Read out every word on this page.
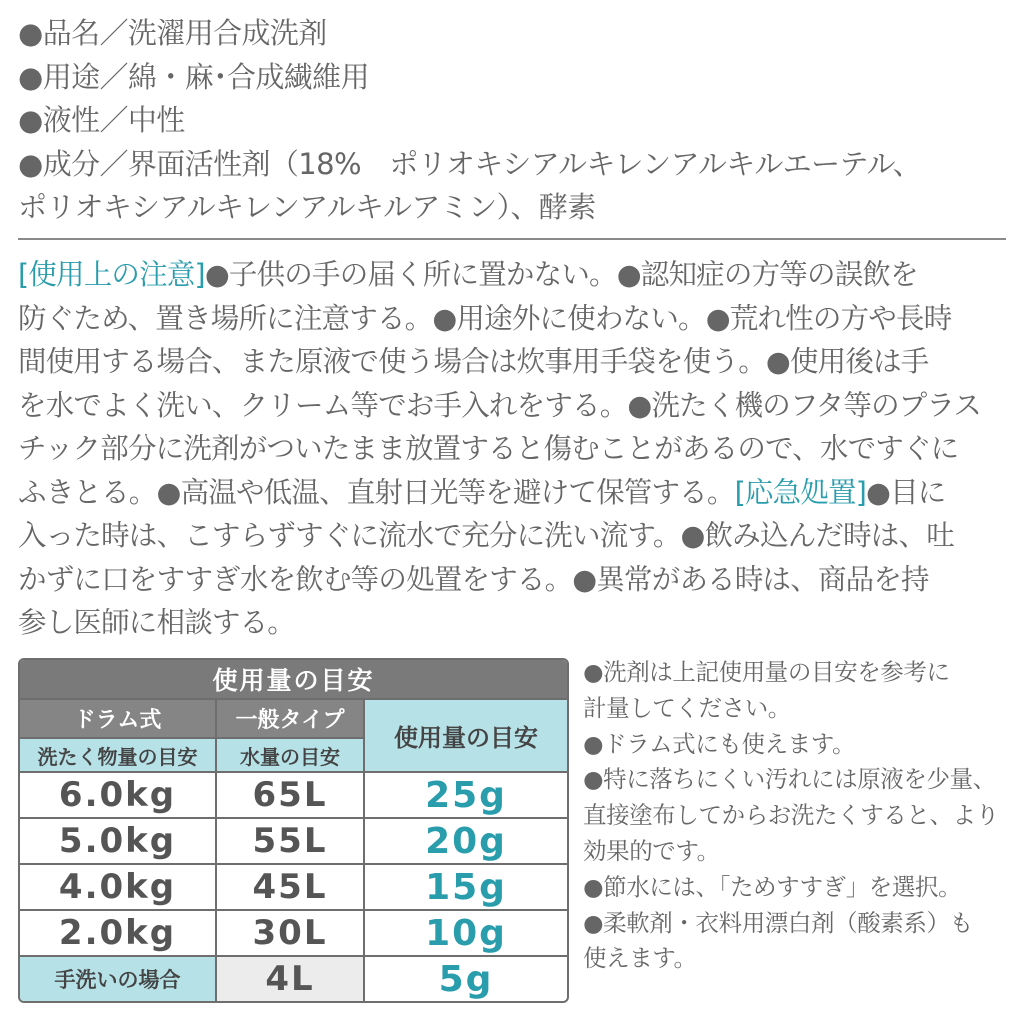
●品名／洗濯用合成洗剤
●用途／綿・麻･合成繊維用
●液性／中性
●成分／界面活性剤（18%　ポリオキシアルキレンアルキルエーテル、
ポリオキシアルキレンアルキルアミン）、酵素

[使用上の注意]●子供の手の届く所に置かない。●認知症の方等の誤飲を

防ぐため、置き場所に注意する。●用途外に使わない。●荒れ性の方や長時

間使用する場合、また原液で使う場合は炊事用手袋を使う。●使用後は手

を水でよく洗い、クリーム等でお手入れをする。●洗たく機のフタ等のプラス

チック部分に洗剤がついたまま放置すると傷むことがあるので、水ですぐに

ふきとる。●高温や低温、直射日光等を避けて保管する。[応急処置]●目に

入った時は、こすらずすぐに流水で充分に洗い流す。●飲み込んだ時は、吐

かずに口をすすぎ水を飲む等の処置をする。●異常がある時は、商品を持

参し医師に相談する。

使用量の目安		
ドラム式	一般タイプ	使用量の目安
洗たく物量の目安	水量の目安	
6.0kg	65L	25g
5.0kg	55L	20g
4.0kg	45L	15g
2.0kg	30L	10g
手洗いの場合	4L	5g
●洗剤は上記使用量の目安を参考に
計量してください。
●ドラム式にも使えます。
●特に落ちにくい汚れには原液を少量、
直接塗布してからお洗たくすると、より
効果的です。
●節水には、「ためすすぎ」を選択。
●柔軟剤・衣料用漂白剤（酸素系）も
使えます。
